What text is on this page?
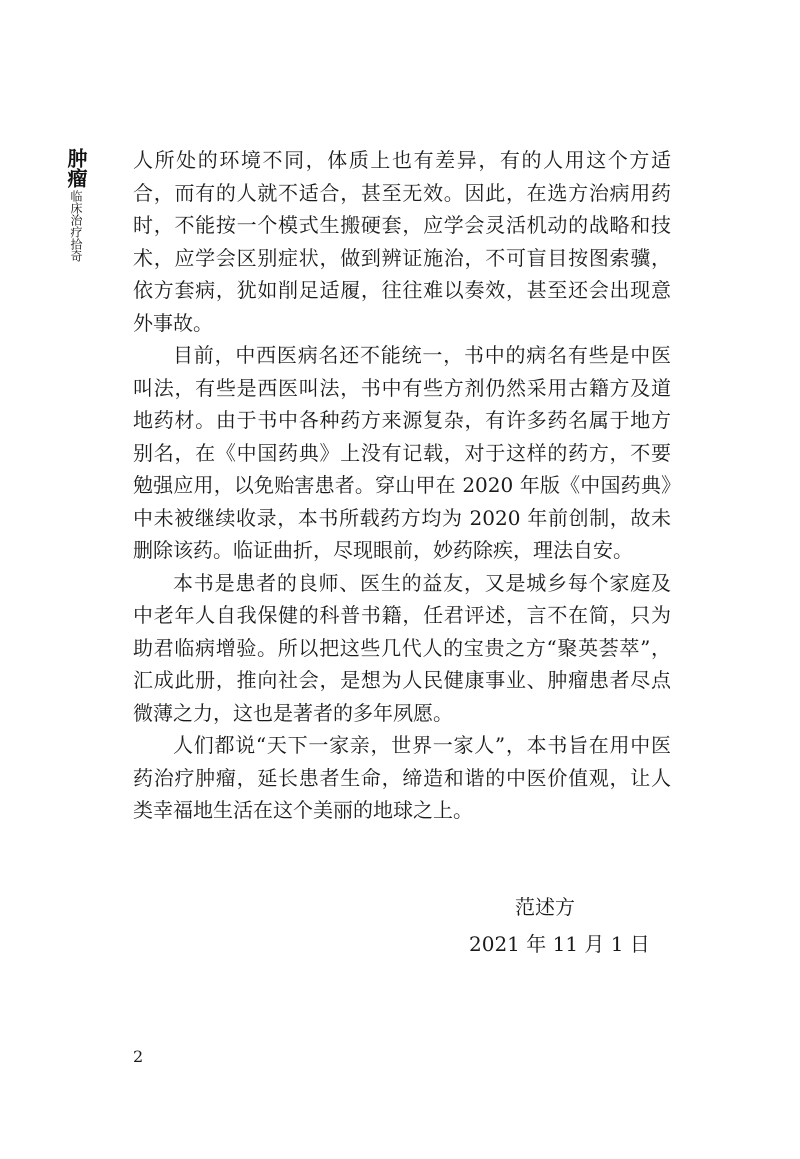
肿瘤
临床治疗拾奇

人所处的环境不同，体质上也有差异，有的人用这个方适合，而有的人就不适合，甚至无效。因此，在选方治病用药时，不能按一个模式生搬硬套，应学会灵活机动的战略和技术，应学会区别症状，做到辨证施治，不可盲目按图索骥，依方套病，犹如削足适履，往往难以奏效，甚至还会出现意外事故。

目前，中西医病名还不能统一，书中的病名有些是中医叫法，有些是西医叫法，书中有些方剂仍然采用古籍方及道地药材。由于书中各种药方来源复杂，有许多药名属于地方别名，在《中国药典》上没有记载，对于这样的药方，不要勉强应用，以免贻害患者。穿山甲在 2020 年版《中国药典》中未被继续收录，本书所载药方均为 2020 年前创制，故未删除该药。临证曲折，尽现眼前，妙药除疾，理法自安。

本书是患者的良师、医生的益友，又是城乡每个家庭及中老年人自我保健的科普书籍，任君评述，言不在简，只为助君临病增验。所以把这些几代人的宝贵之方“聚英荟萃”，汇成此册，推向社会，是想为人民健康事业、肿瘤患者尽点微薄之力，这也是著者的多年夙愿。

人们都说“天下一家亲，世界一家人”，本书旨在用中医药治疗肿瘤，延长患者生命，缔造和谐的中医价值观，让人类幸福地生活在这个美丽的地球之上。

范述方
2021 年 11 月 1 日
2
